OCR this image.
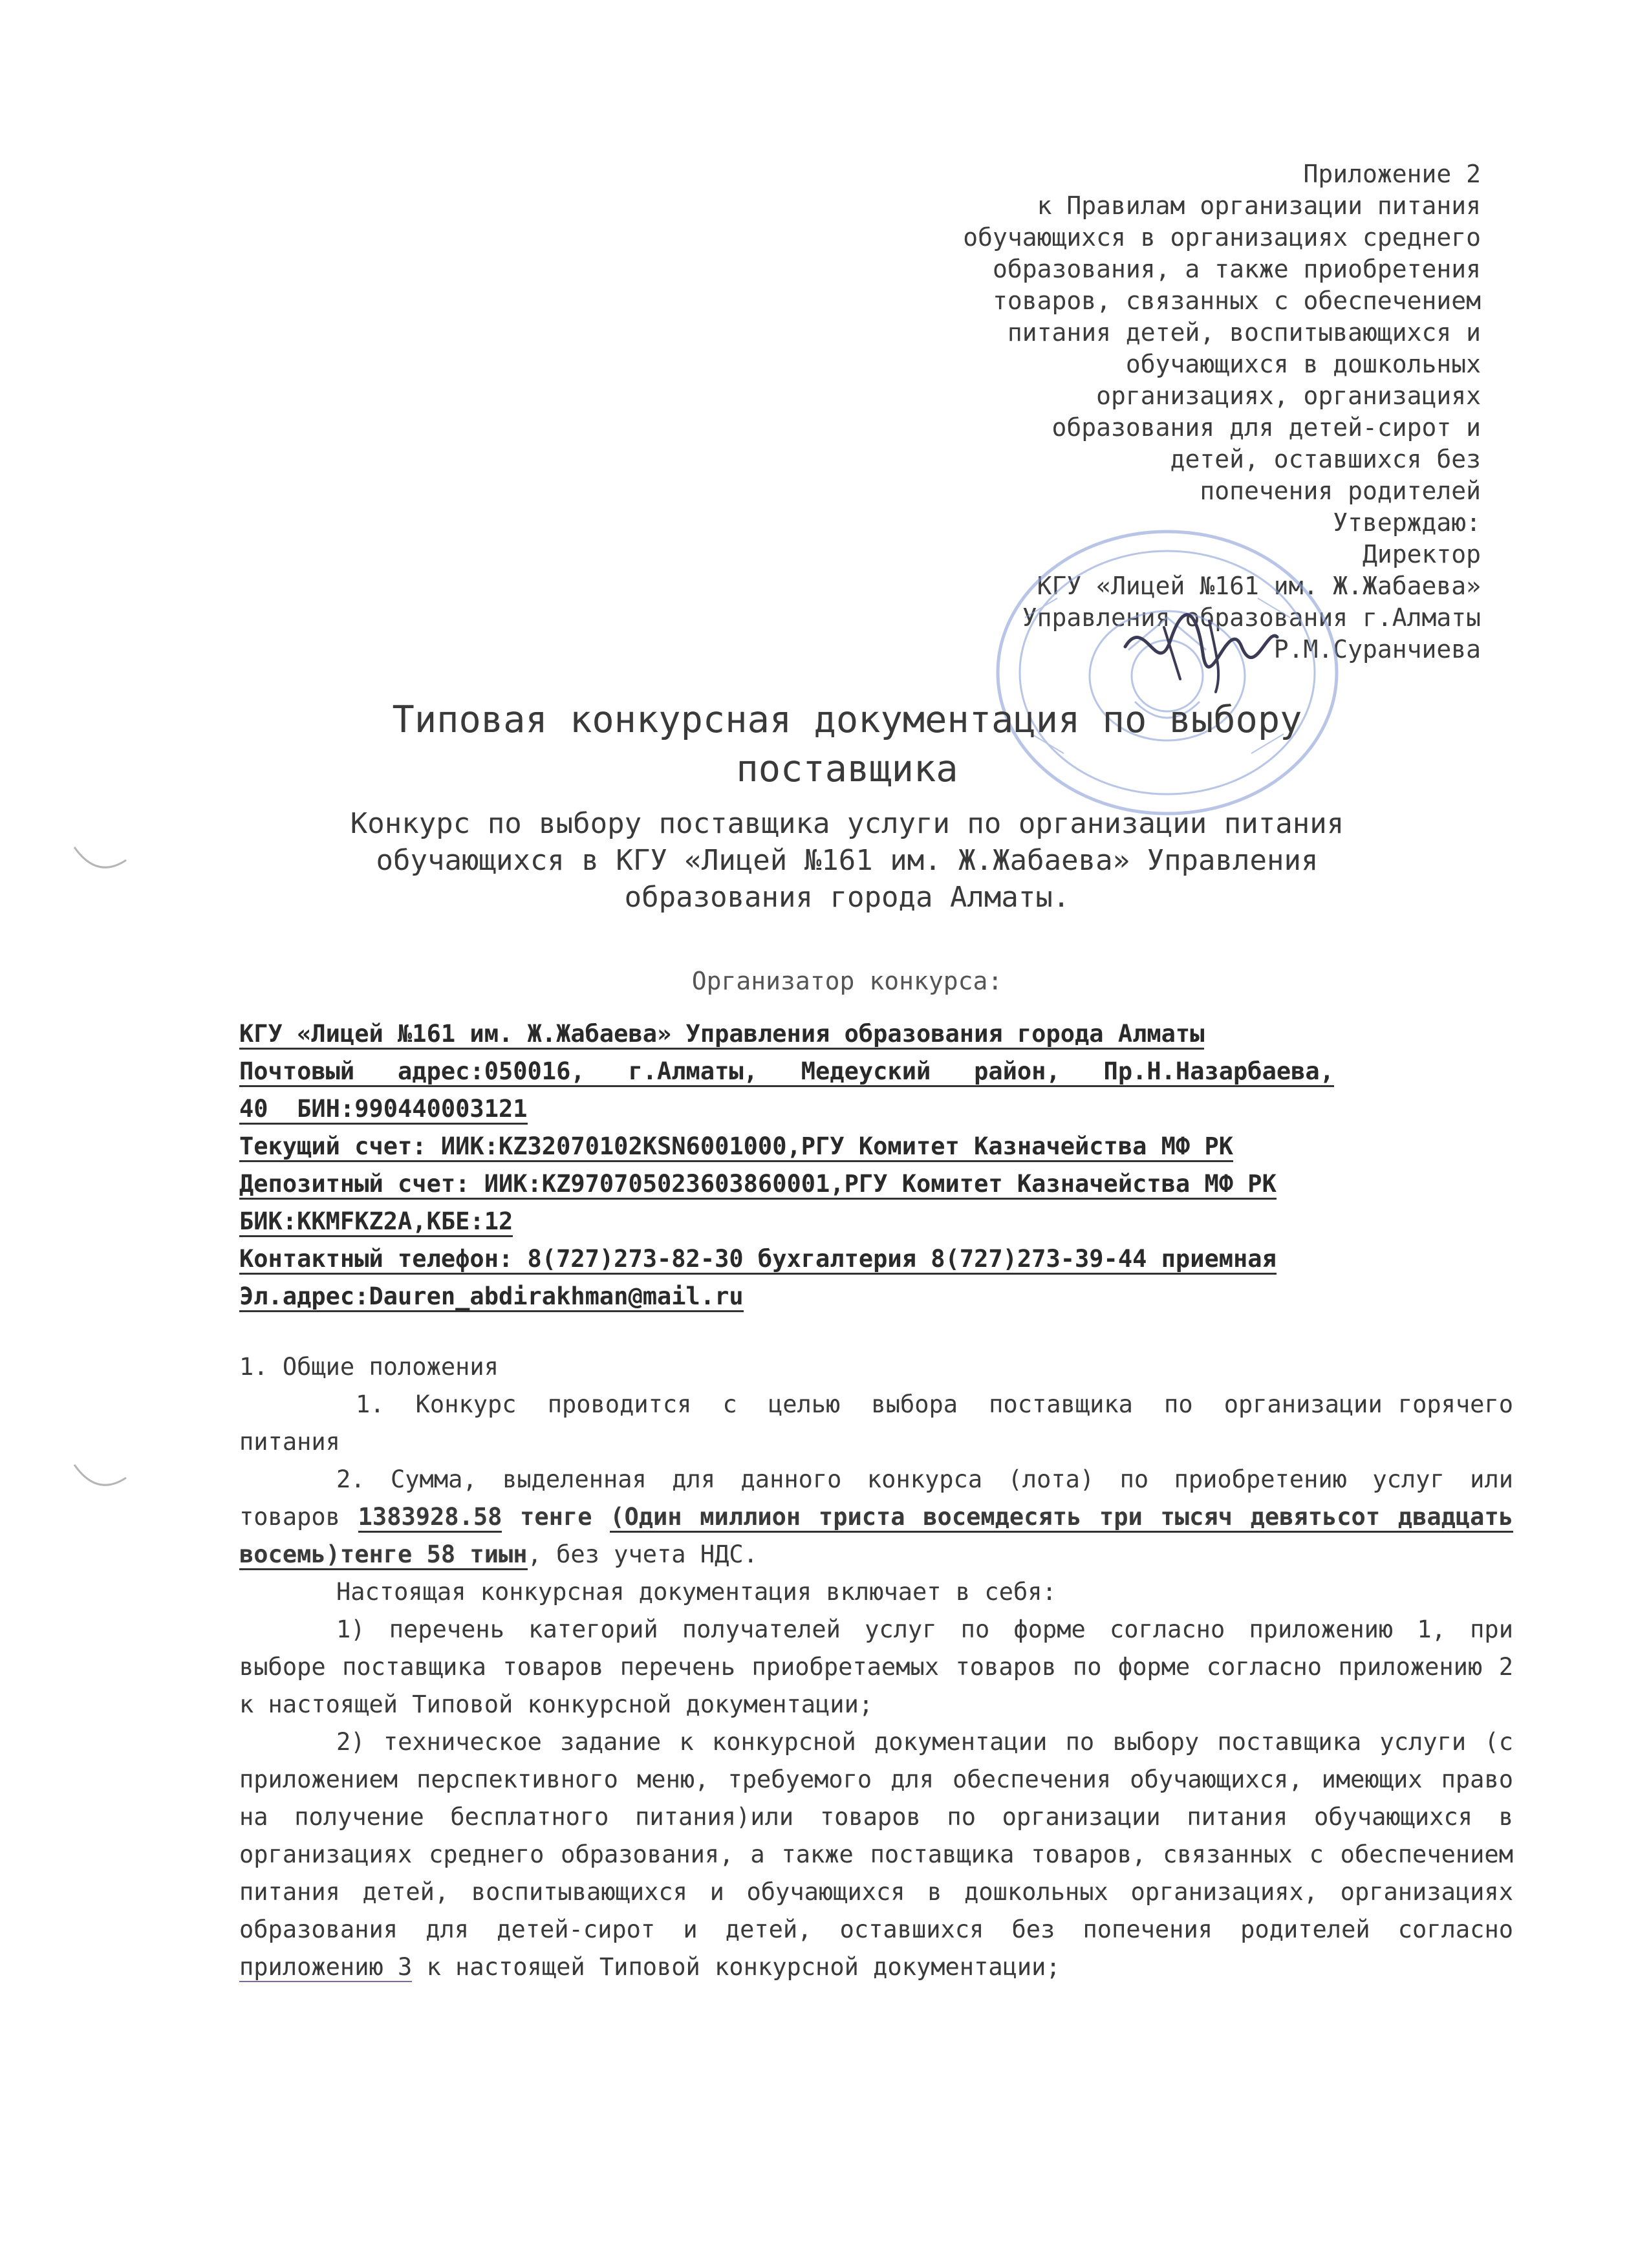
Приложение 2
к Правилам организации питания
обучающихся в организациях среднего
образования, а также приобретения
товаров, связанных с обеспечением
питания детей, воспитывающихся и
обучающихся в дошкольных
организациях, организациях
образования для детей-сирот и
детей, оставшихся без
попечения родителей
Утверждаю:
Директор
КГУ «Лицей №161 им. Ж.Жабаева»
Управления образования г.Алматы
Р.М.Суранчиева
Типовая конкурсная документация по выбору
поставщика
Конкурс по выбору поставщика услуги по организации питания
обучающихся в КГУ «Лицей №161 им. Ж.Жабаева» Управления
образования города Алматы.
Организатор конкурса:
КГУ «Лицей №161 им. Ж.Жабаева» Управления образования города Алматы
Почтовый   адрес:050016,   г.Алматы,   Медеуский   район,   Пр.Н.Назарбаева,
40  БИН:990440003121
Текущий счет: ИИК:KZ32070102KSN6001000,РГУ Комитет Казначейства МФ РК
Депозитный счет: ИИК:KZ970705023603860001,РГУ Комитет Казначейства МФ РК
БИК:KKMFKZ2A,КБЕ:12
Контактный телефон: 8(727)273-82-30 бухгалтерия 8(727)273-39-44 приемная
Эл.адрес:Dauren_abdirakhman@mail.ru

1. Общие положения

1.  Конкурс  проводится  с  целью  выбора  поставщика  по  организации горячего питания

2. Сумма, выделенная для данного конкурса (лота) по приобретению услуг или товаров 1383928.58 тенге (Один миллион триста восемдесять три тысяч девятьсот двадцать восемь)тенге 58 тиын, без учета НДС.

Настоящая конкурсная документация включает в себя:

1) перечень категорий получателей услуг по форме согласно приложению 1, при выборе поставщика товаров перечень приобретаемых товаров по форме согласно приложению 2 к настоящей Типовой конкурсной документации;

2) техническое задание к конкурсной документации по выбору поставщика услуги (с приложением перспективного меню, требуемого для обеспечения обучающихся, имеющих право на получение бесплатного питания)или товаров по организации питания обучающихся в организациях среднего образования, а также поставщика товаров, связанных с обеспечением питания детей, воспитывающихся и обучающихся в дошкольных организациях, организациях образования для детей-сирот и детей, оставшихся без попечения родителей согласно приложению 3 к настоящей Типовой конкурсной документации;
